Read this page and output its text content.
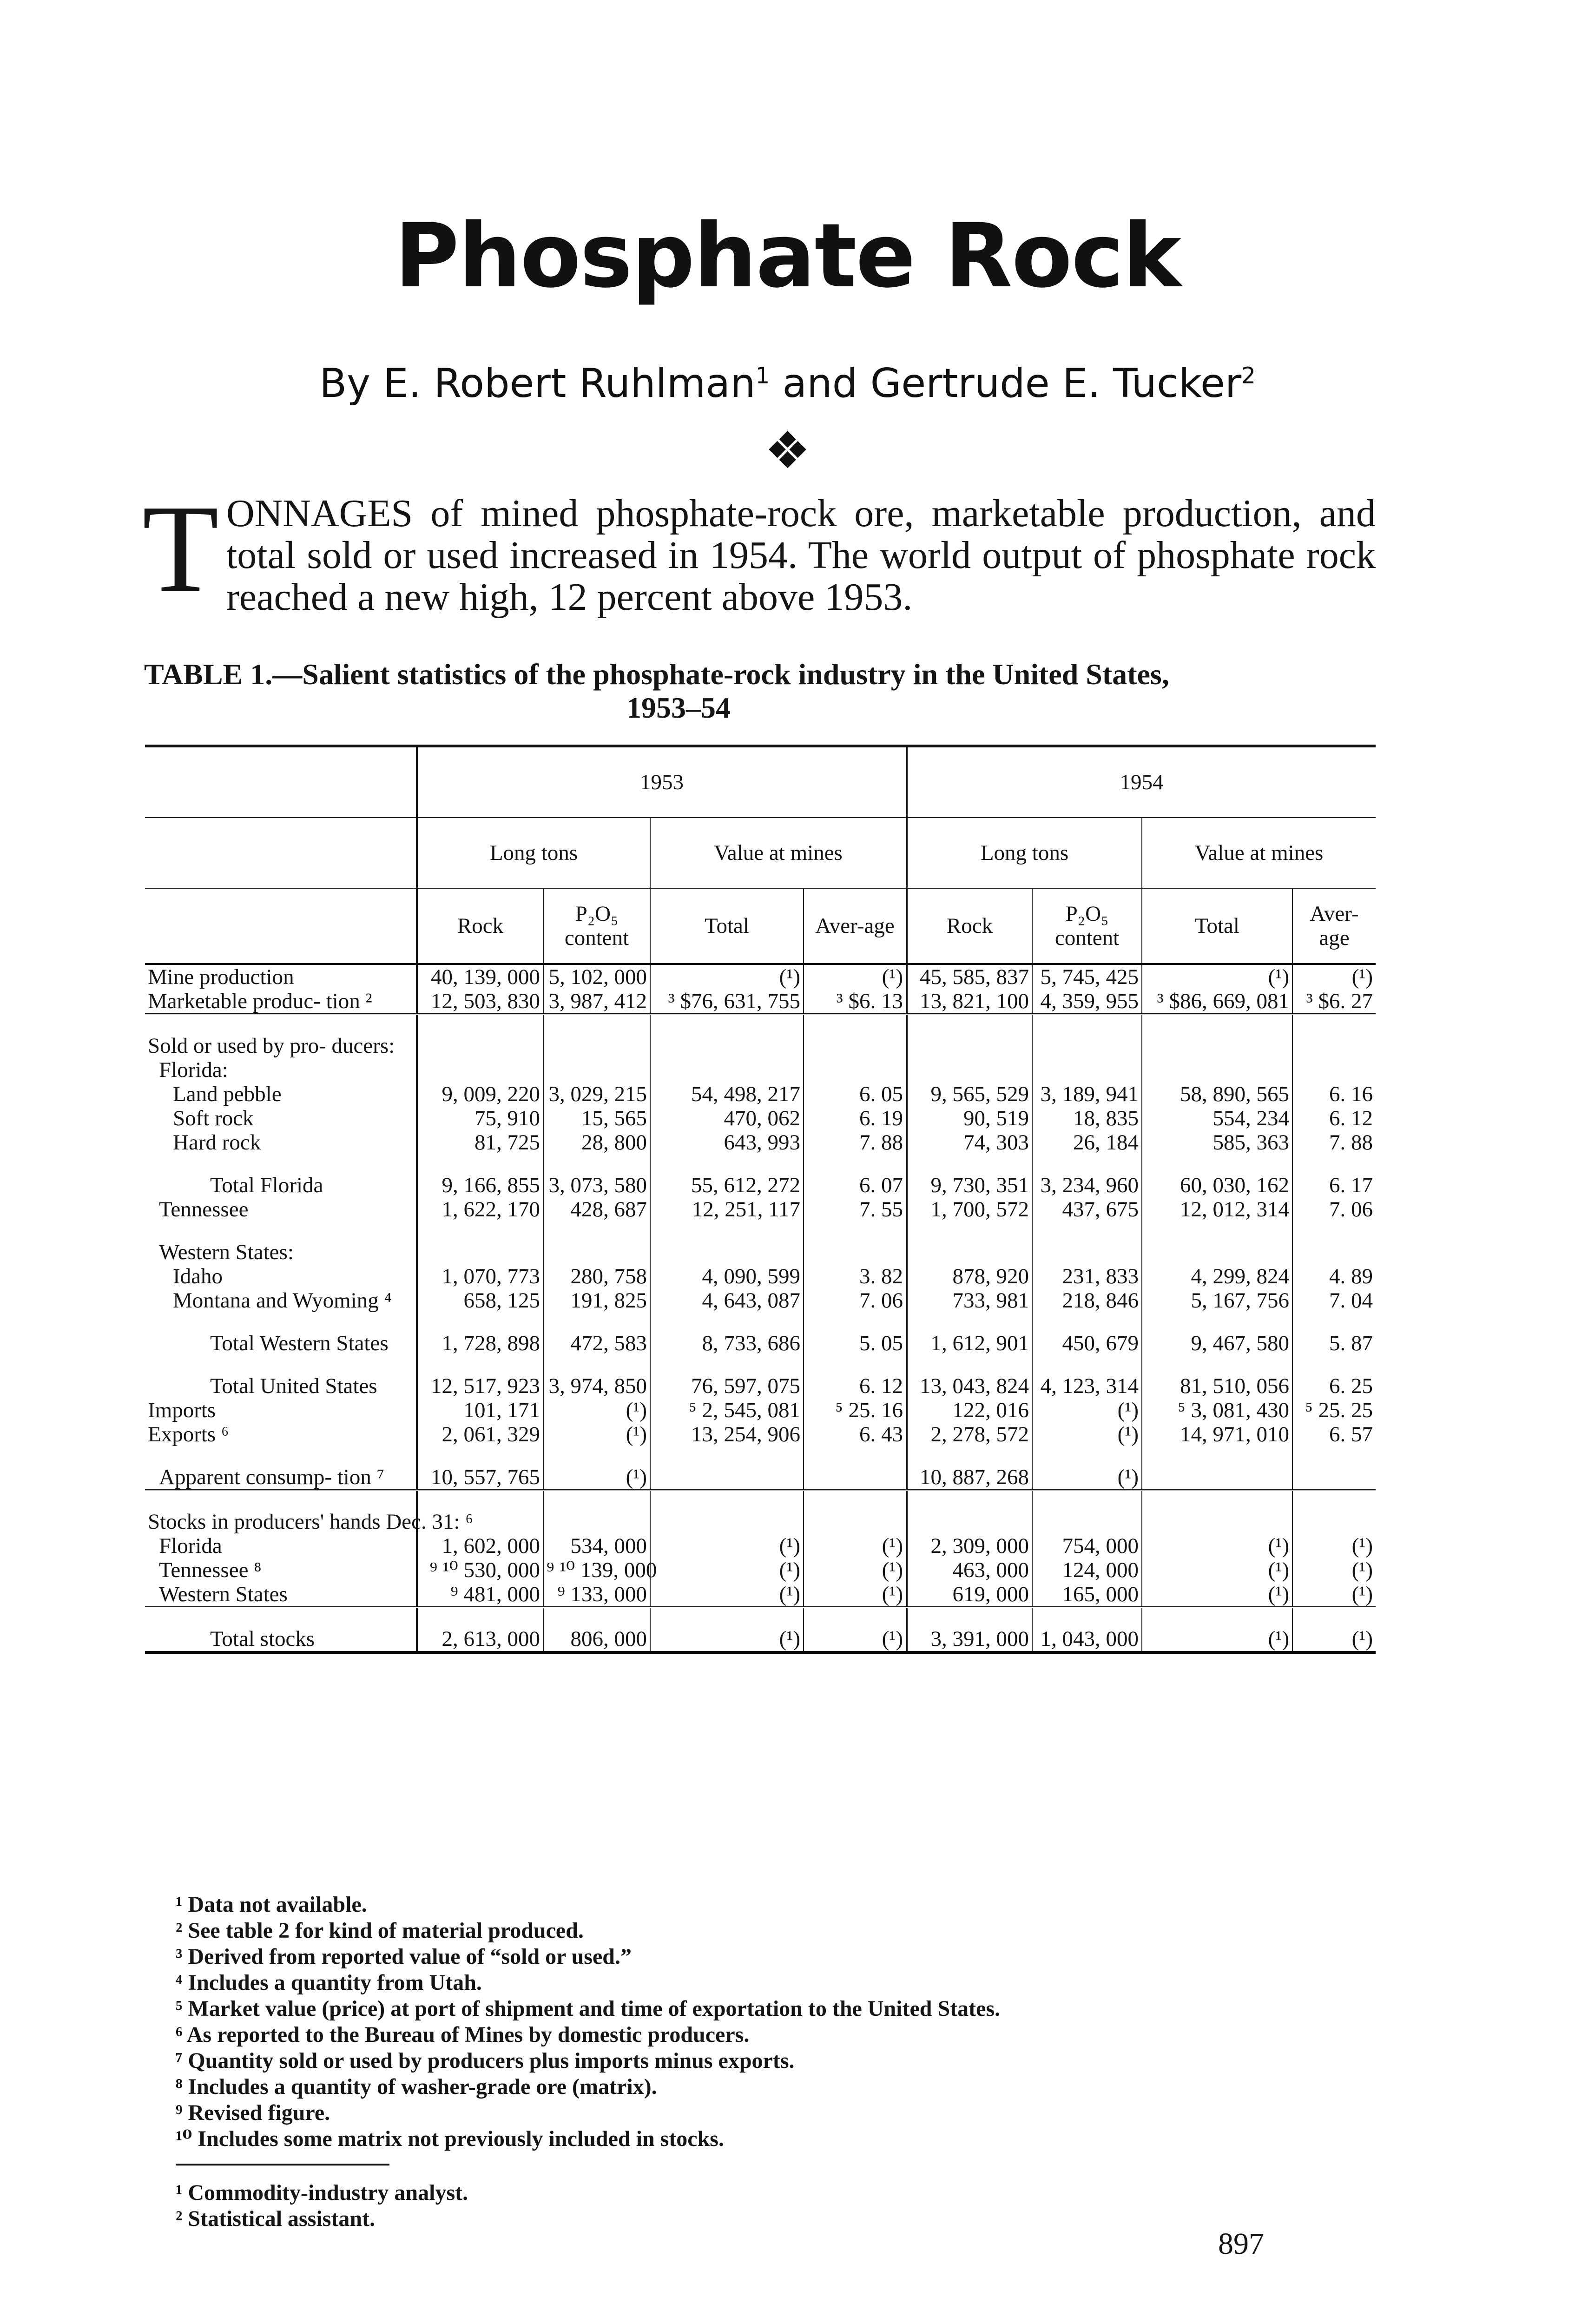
Phosphate Rock
By E. Robert Ruhlman$^1$ and Gertrude E. Tucker$^2$
❖
TONNAGES of mined phosphate-rock ore, marketable production, and total sold or used increased in 1954. The world output of phosphate rock reached a new high, 12 percent above 1953.
TABLE 1.—Salient statistics of the phosphate-rock industry in the United States,
1953–54
	1953				1954			
	Long tons		Value at mines		Long tons		Value at mines	
	Rock	P₂O₅ content	Total	Aver-age	Rock	P₂O₅ content	Total	Aver-age
Mine production	40, 139, 000	5, 102, 000	(¹)	(¹)	45, 585, 837	5, 745, 425	(¹)	(¹)
Marketable produc- tion ²	12, 503, 830	3, 987, 412	³ $76, 631, 755	³ $6. 13	13, 821, 100	4, 359, 955	³ $86, 669, 081	³ $6. 27
Sold or used by pro- ducers:								
Florida:								
Land pebble	9, 009, 220	3, 029, 215	54, 498, 217	6. 05	9, 565, 529	3, 189, 941	58, 890, 565	6. 16
Soft rock	75, 910	15, 565	470, 062	6. 19	90, 519	18, 835	554, 234	6. 12
Hard rock	81, 725	28, 800	643, 993	7. 88	74, 303	26, 184	585, 363	7. 88
Total Florida	9, 166, 855	3, 073, 580	55, 612, 272	6. 07	9, 730, 351	3, 234, 960	60, 030, 162	6. 17
Tennessee	1, 622, 170	428, 687	12, 251, 117	7. 55	1, 700, 572	437, 675	12, 012, 314	7. 06
Western States:								
Idaho	1, 070, 773	280, 758	4, 090, 599	3. 82	878, 920	231, 833	4, 299, 824	4. 89
Montana and Wyoming ⁴	658, 125	191, 825	4, 643, 087	7. 06	733, 981	218, 846	5, 167, 756	7. 04
Total Western States	1, 728, 898	472, 583	8, 733, 686	5. 05	1, 612, 901	450, 679	9, 467, 580	5. 87
Total United States	12, 517, 923	3, 974, 850	76, 597, 075	6. 12	13, 043, 824	4, 123, 314	81, 510, 056	6. 25
Imports	101, 171	(¹)	⁵ 2, 545, 081	⁵ 25. 16	122, 016	(¹)	⁵ 3, 081, 430	⁵ 25. 25
Exports ⁶	2, 061, 329	(¹)	13, 254, 906	6. 43	2, 278, 572	(¹)	14, 971, 010	6. 57
Apparent consump- tion ⁷	10, 557, 765	(¹)			10, 887, 268	(¹)		
Stocks in producers' hands Dec. 31: ⁶								
Florida	1, 602, 000	534, 000	(¹)	(¹)	2, 309, 000	754, 000	(¹)	(¹)
Tennessee ⁸	⁹ ¹⁰ 530, 000	⁹ ¹⁰ 139, 000	(¹)	(¹)	463, 000	124, 000	(¹)	(¹)
Western States	⁹ 481, 000	⁹ 133, 000	(¹)	(¹)	619, 000	165, 000	(¹)	(¹)
Total stocks	2, 613, 000	806, 000	(¹)	(¹)	3, 391, 000	1, 043, 000	(¹)	(¹)
¹ Data not available.
² See table 2 for kind of material produced.
³ Derived from reported value of “sold or used.”
⁴ Includes a quantity from Utah.
⁵ Market value (price) at port of shipment and time of exportation to the United States.
⁶ As reported to the Bureau of Mines by domestic producers.
⁷ Quantity sold or used by producers plus imports minus exports.
⁸ Includes a quantity of washer-grade ore (matrix).
⁹ Revised figure.
¹⁰ Includes some matrix not previously included in stocks.
¹ Commodity-industry analyst.
² Statistical assistant.
897
